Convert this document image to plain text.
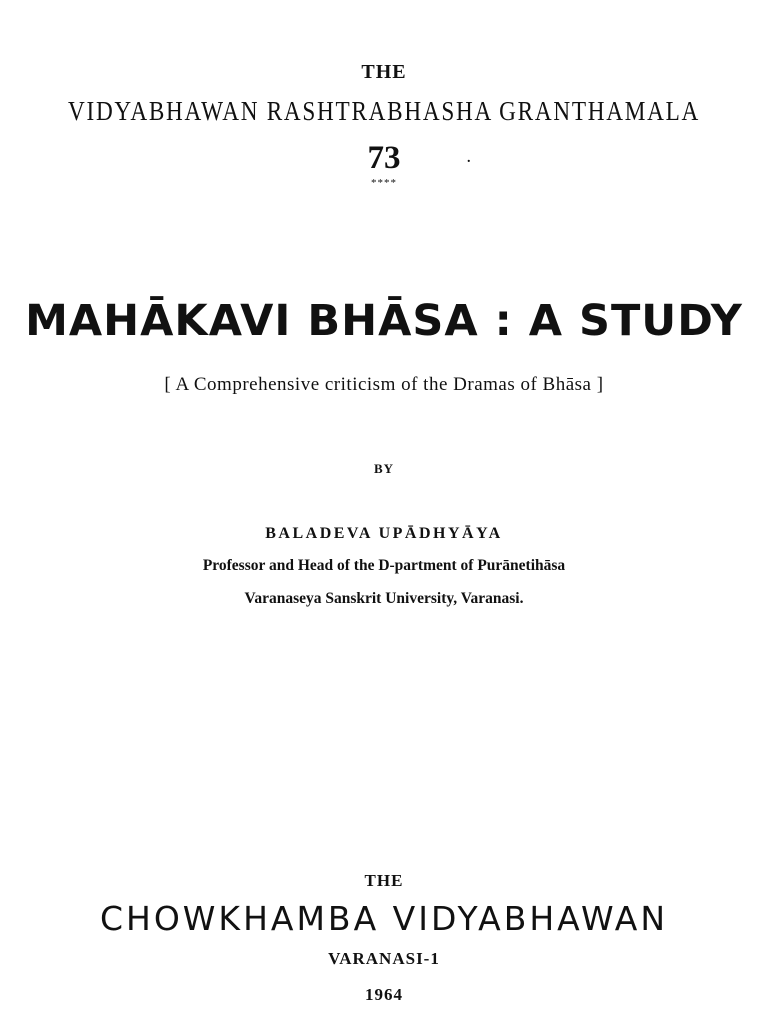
THE
VIDYABHAWAN RASHTRABHASHA GRANTHAMALA
73	.
****
MAHĀKAVI BHĀSA : A STUDY
[ A Comprehensive criticism of the Dramas of Bhāsa ]
BY
BALADEVA UPĀDHYĀYA
Professor and Head of the D-partment of Purānetihāsa
Varanaseya Sanskrit University, Varanasi.
THE
CHOWKHAMBA VIDYABHAWAN
VARANASI-1
1964
